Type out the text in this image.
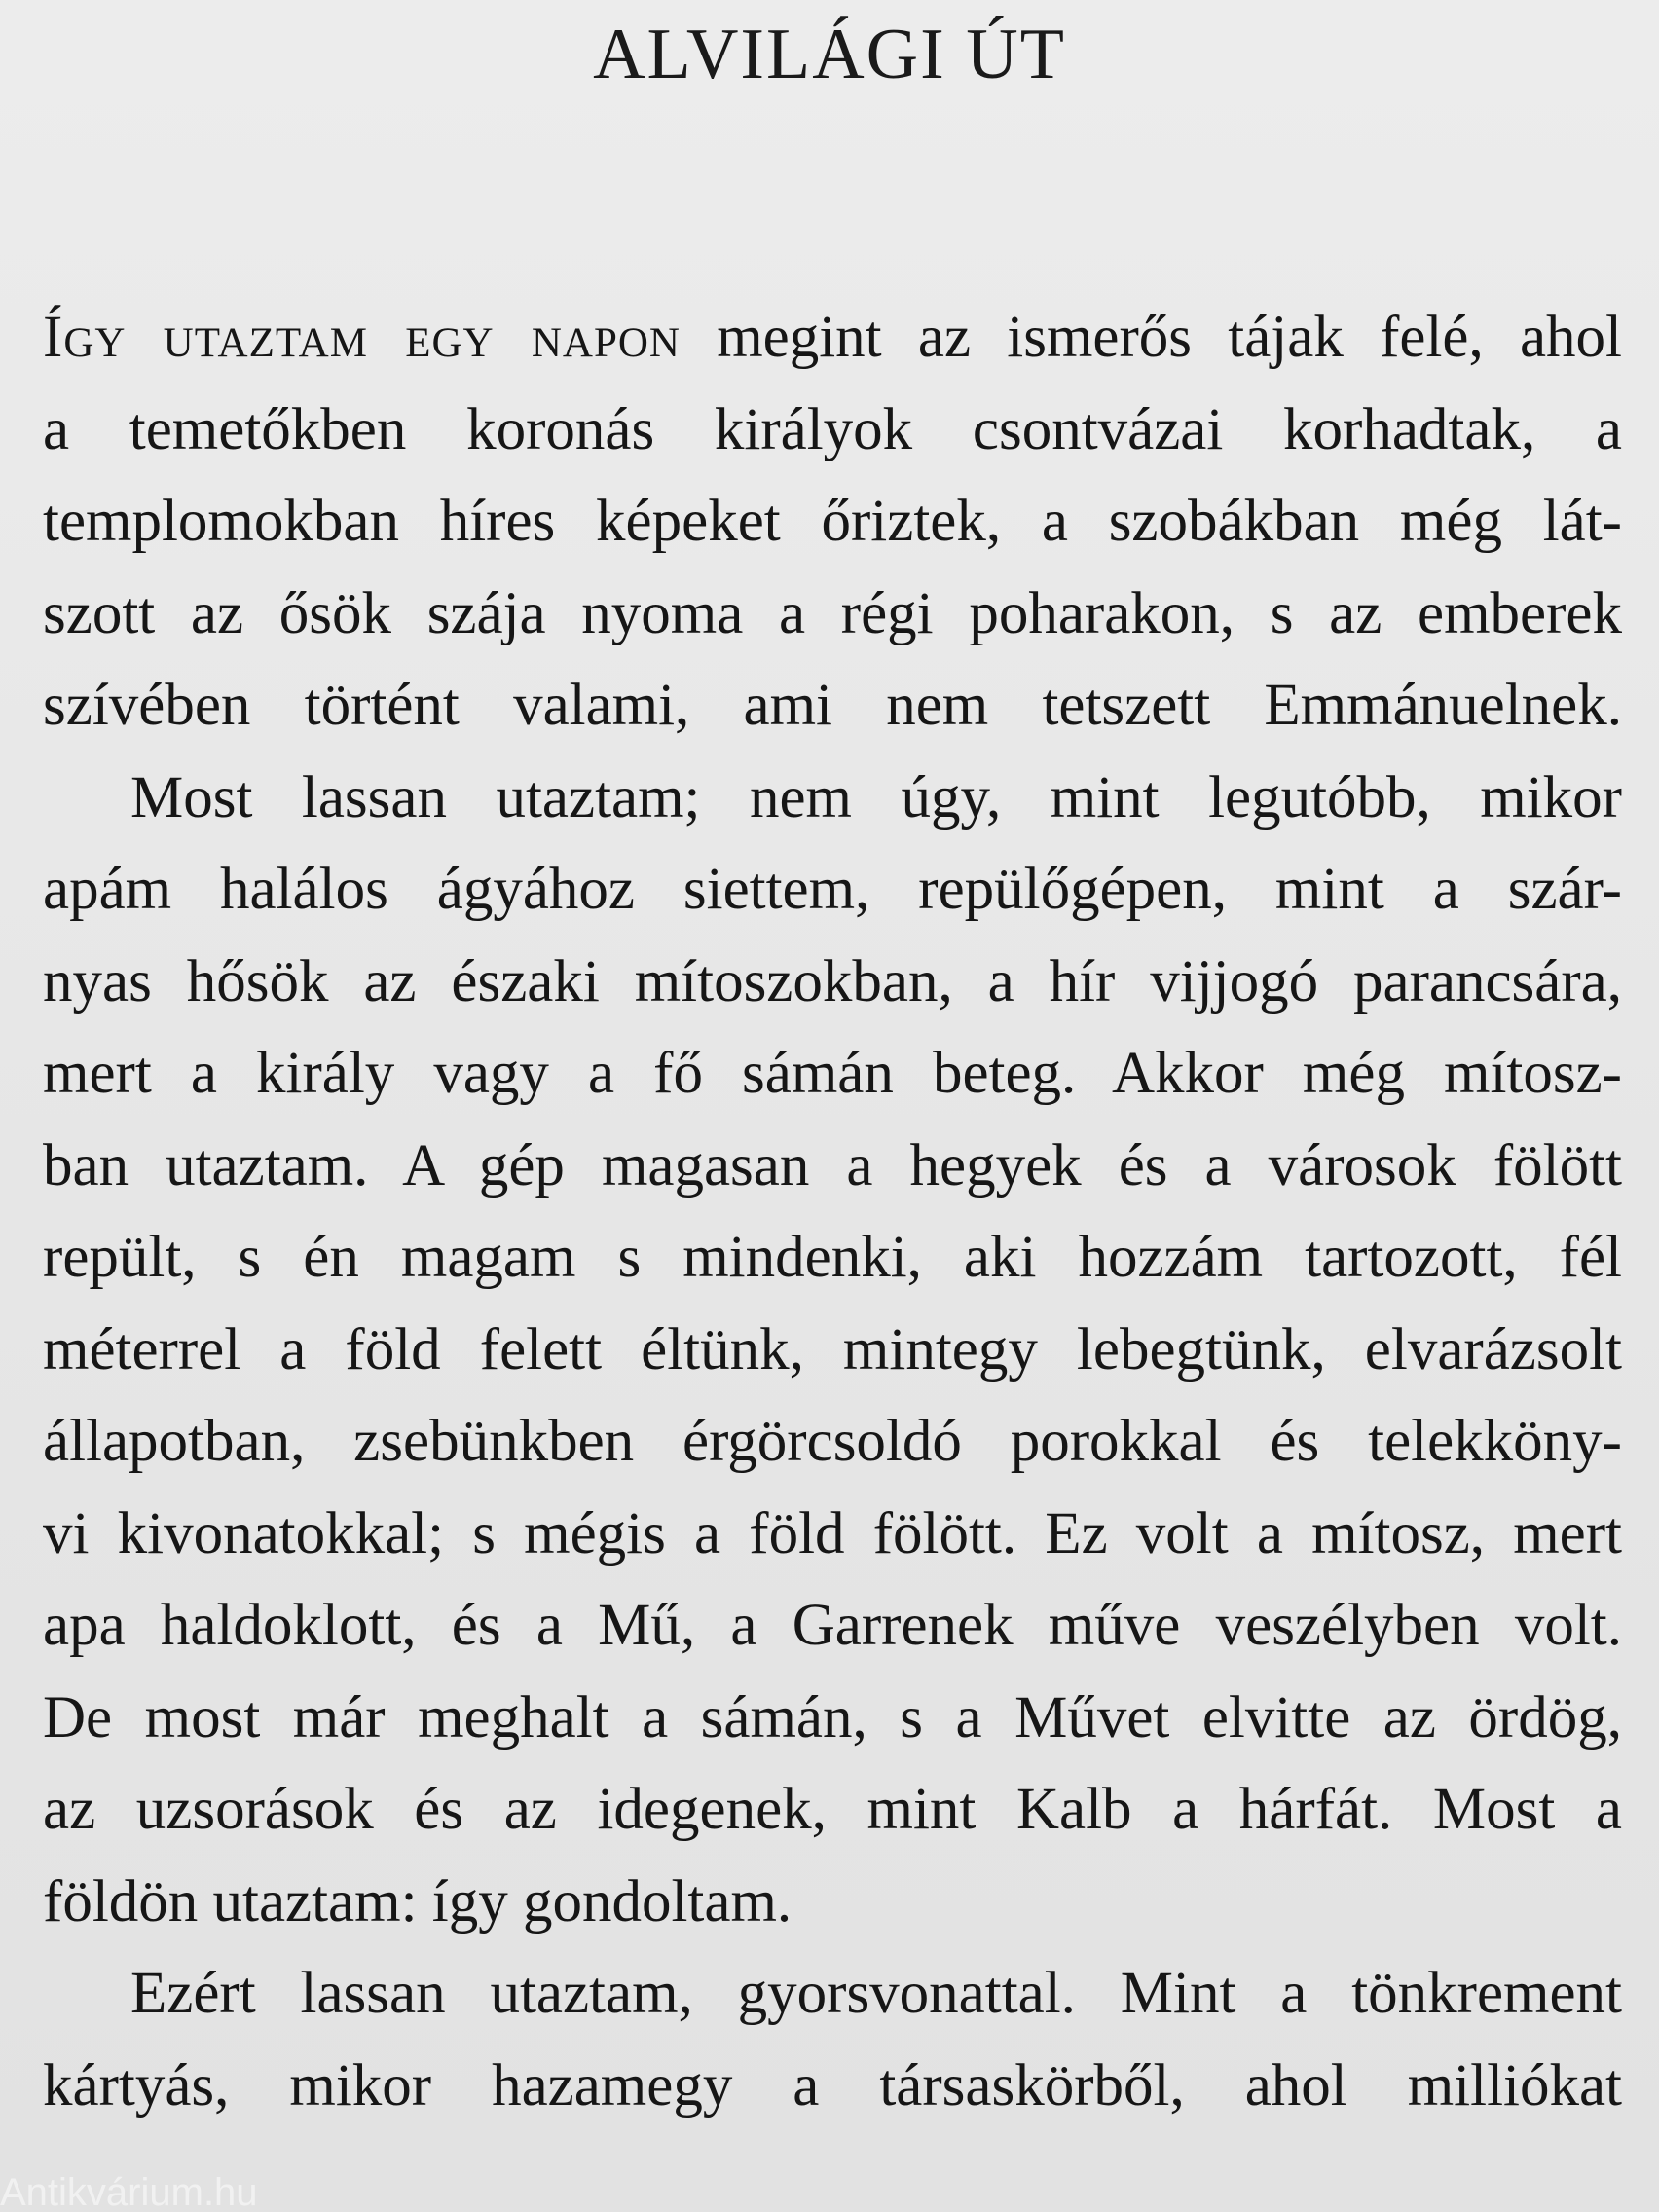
ALVILÁGI ÚT
Így utaztam egy napon megint az ismerős tájak felé, ahol
a temetőkben koronás királyok csontvázai korhadtak, a
templomokban híres képeket őriztek, a szobákban még lát-
szott az ősök szája nyoma a régi poharakon, s az emberek
szívében történt valami, ami nem tetszett Emmánuelnek.
Most lassan utaztam; nem úgy, mint legutóbb, mikor
apám halálos ágyához siettem, repülőgépen, mint a szár-
nyas hősök az északi mítoszokban, a hír vijjogó parancsára,
mert a király vagy a fő sámán beteg. Akkor még mítosz-
ban utaztam. A gép magasan a hegyek és a városok fölött
repült, s én magam s mindenki, aki hozzám tartozott, fél
méterrel a föld felett éltünk, mintegy lebegtünk, elvarázsolt
állapotban, zsebünkben érgörcsoldó porokkal és telekköny-
vi kivonatokkal; s mégis a föld fölött. Ez volt a mítosz, mert
apa haldoklott, és a Mű, a Garrenek műve veszélyben volt.
De most már meghalt a sámán, s a Művet elvitte az ördög,
az uzsorások és az idegenek, mint Kalb a hárfát. Most a
földön utaztam: így gondoltam.
Ezért lassan utaztam, gyorsvonattal. Mint a tönkrement
kártyás, mikor hazamegy a társaskörből, ahol milliókat
Antikvárium.hu
